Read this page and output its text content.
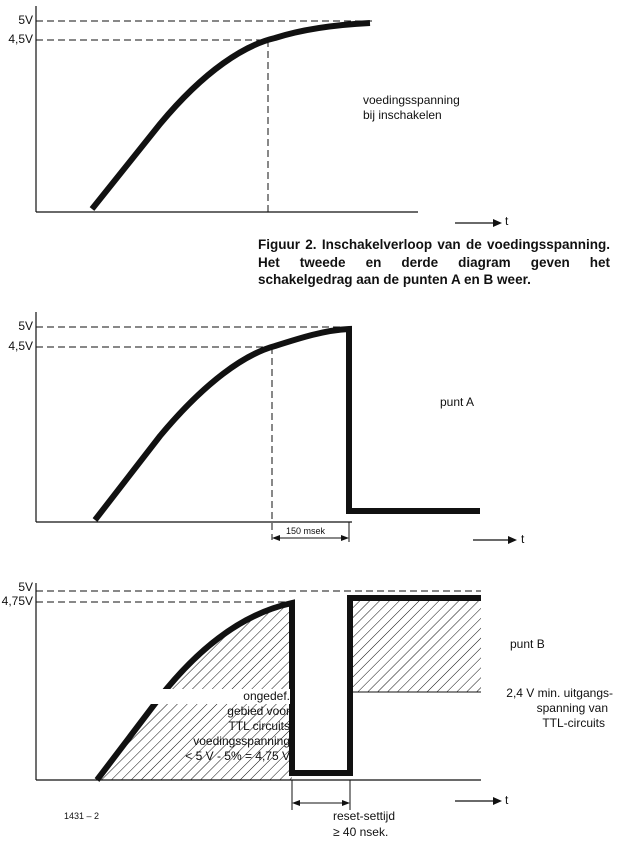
5V
4,5V
voedingsspanning
bij inschakelen
t
Figuur 2. Inschakelverloop van de voedingsspanning. Het tweede en derde diagram geven het schakelgedrag aan de punten A en B weer.
5V
4,5V
punt A
150 msek
t
5V
4,75V
punt B
ongedef.
gebied voor
TTL circuits
voedingsspanning
< 5 V - 5% = 4,75 V
2,4 V min. uitgangs-
spanning van
TTL-circuits
t
reset-settijd
≥ 40 nsek.
1431 – 2
